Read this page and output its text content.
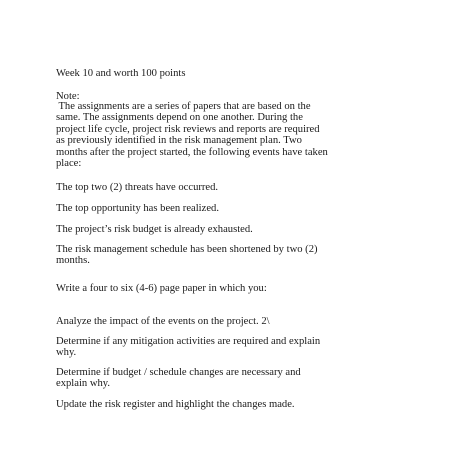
Week 10 and worth 100 points

Note:

The assignments are a series of papers that are based on the
same. The assignments depend on one another. During the
project life cycle, project risk reviews and reports are required
as previously identified in the risk management plan. Two
months after the project started, the following events have taken
place:
The top two (2) threats have occurred.
The top opportunity has been realized.
The project’s risk budget is already exhausted.
The risk management schedule has been shortened by two (2)
months.

Write a four to six (4-6) page paper in which you:

Analyze the impact of the events on the project. 2\
Determine if any mitigation activities are required and explain
why.
Determine if budget / schedule changes are necessary and
explain why.
Update the risk register and highlight the changes made.
